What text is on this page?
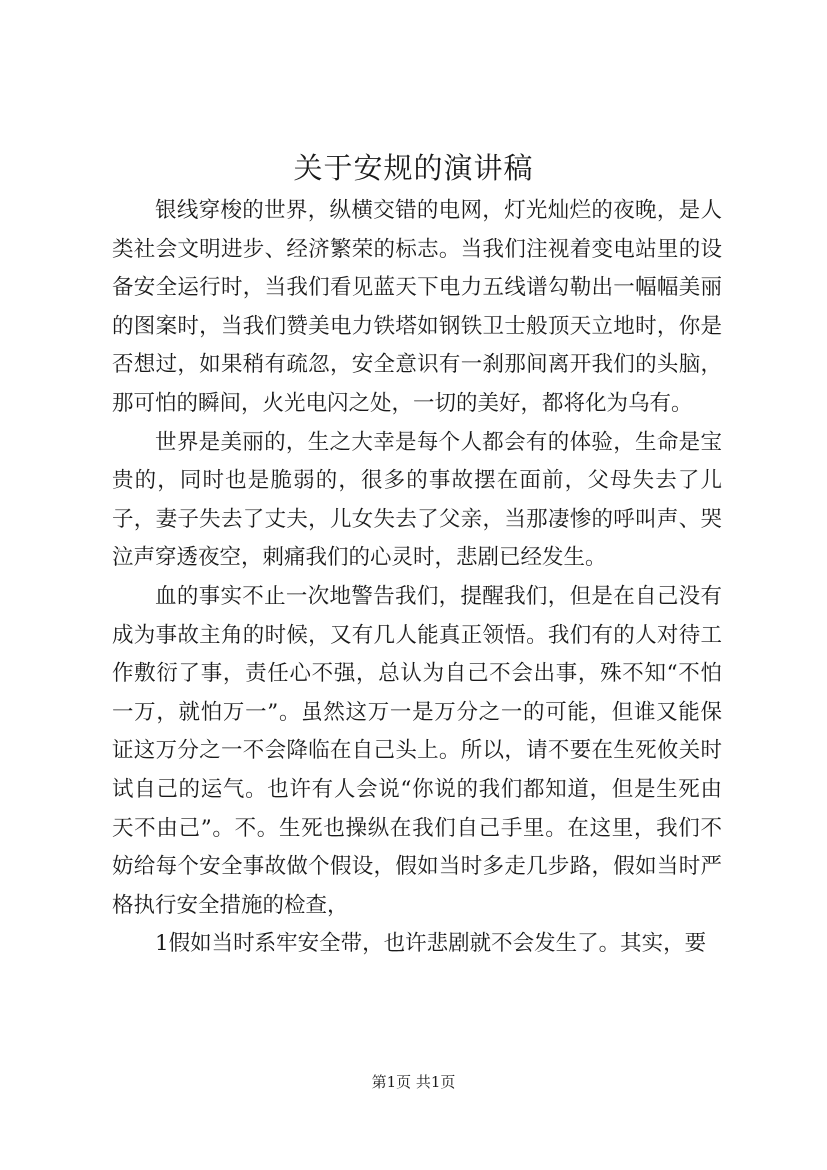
关于安规的演讲稿

银线穿梭的世界，纵横交错的电网，灯光灿烂的夜晚，是人类社会文明进步、经济繁荣的标志。当我们注视着变电站里的设备安全运行时，当我们看见蓝天下电力五线谱勾勒出一幅幅美丽的图案时，当我们赞美电力铁塔如钢铁卫士般顶天立地时，你是否想过，如果稍有疏忽，安全意识有一刹那间离开我们的头脑，那可怕的瞬间，火光电闪之处，一切的美好，都将化为乌有。

世界是美丽的，生之大幸是每个人都会有的体验，生命是宝贵的，同时也是脆弱的，很多的事故摆在面前，父母失去了儿子，妻子失去了丈夫，儿女失去了父亲，当那凄惨的呼叫声、哭泣声穿透夜空，刺痛我们的心灵时，悲剧已经发生。

血的事实不止一次地警告我们，提醒我们，但是在自己没有成为事故主角的时候，又有几人能真正领悟。我们有的人对待工作敷衍了事，责任心不强，总认为自己不会出事，殊不知“不怕一万，就怕万一”。虽然这万一是万分之一的可能，但谁又能保证这万分之一不会降临在自己头上。所以，请不要在生死攸关时试自己的运气。也许有人会说“你说的我们都知道，但是生死由天不由己”。不。生死也操纵在我们自己手里。在这里，我们不妨给每个安全事故做个假设，假如当时多走几步路，假如当时严格执行安全措施的检查，

1假如当时系牢安全带，也许悲剧就不会发生了。其实，要

第1页 共1页
